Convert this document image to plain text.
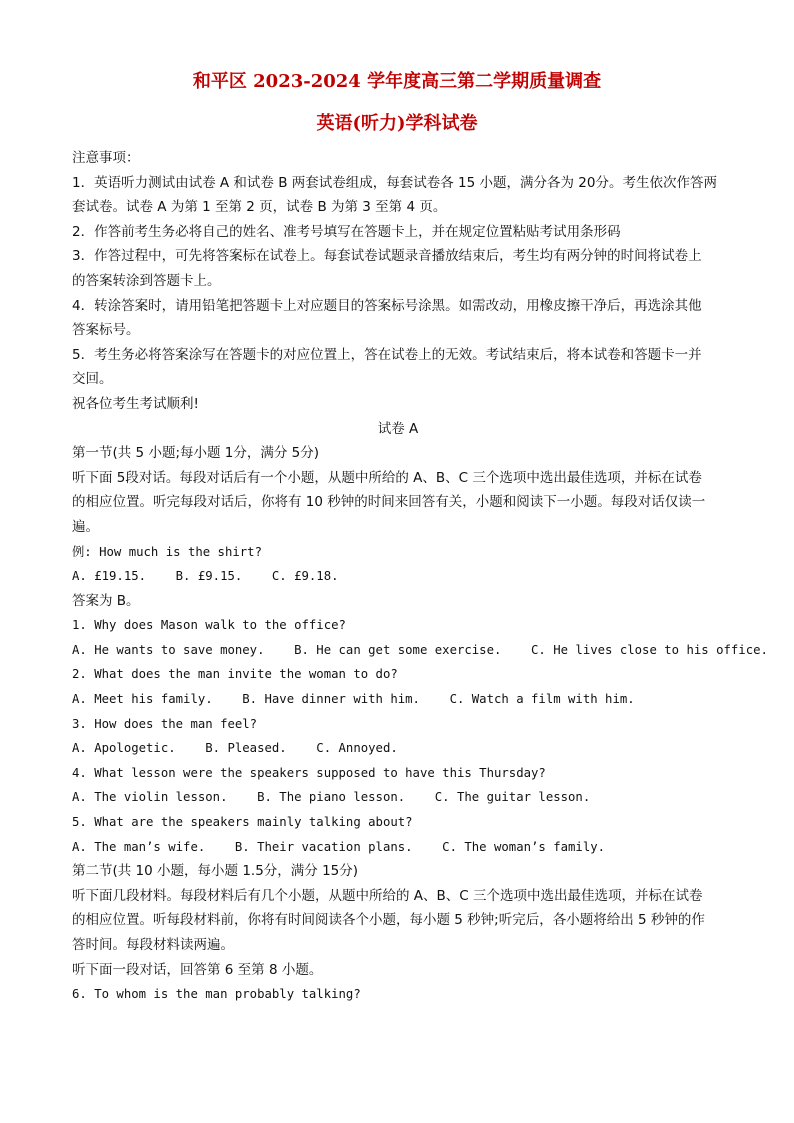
和平区 2023-2024 学年度高三第二学期质量调查
英语(听力)学科试卷
注意事项：
1．英语听力测试由试卷 A 和试卷 B 两套试卷组成，每套试卷各 15 小题，满分各为 20分。考生依次作答两
套试卷。试卷 A 为第 1 至第 2 页，试卷 B 为第 3 至第 4 页。
2．作答前考生务必将自己的姓名、准考号填写在答题卡上，并在规定位置粘贴考试用条形码
3．作答过程中，可先将答案标在试卷上。每套试卷试题录音播放结束后，考生均有两分钟的时间将试卷上
的答案转涂到答题卡上。
4．转涂答案时，请用铅笔把答题卡上对应题目的答案标号涂黑。如需改动，用橡皮擦干净后，再选涂其他
答案标号。
5．考生务必将答案涂写在答题卡的对应位置上，答在试卷上的无效。考试结束后，将本试卷和答题卡一并
交回。
祝各位考生考试顺利!
试卷 A
第一节(共 5 小题;每小题 1分，满分 5分)
听下面 5段对话。每段对话后有一个小题，从题中所给的 A、B、C 三个选项中选出最佳选项，并标在试卷
的相应位置。听完每段对话后，你将有 10 秒钟的时间来回答有关，小题和阅读下一小题。每段对话仅读一
遍。
例: How much is the shirt?
A. £19.15.    B. £9.15.    C. £9.18.
答案为 B。
1. Why does Mason walk to the office?
A. He wants to save money.    B. He can get some exercise.    C. He lives close to his office.
2. What does the man invite the woman to do?
A. Meet his family.    B. Have dinner with him.    C. Watch a film with him.
3. How does the man feel?
A. Apologetic.    B. Pleased.    C. Annoyed.
4. What lesson were the speakers supposed to have this Thursday?
A. The violin lesson.    B. The piano lesson.    C. The guitar lesson.
5. What are the speakers mainly talking about?
A. The man’s wife.    B. Their vacation plans.    C. The woman’s family.
第二节(共 10 小题，每小题 1.5分，满分 15分)
听下面几段材料。每段材料后有几个小题，从题中所给的 A、B、C 三个选项中选出最佳选项，并标在试卷
的相应位置。听每段材料前，你将有时间阅读各个小题，每小题 5 秒钟;听完后，各小题将给出 5 秒钟的作
答时间。每段材料读两遍。
听下面一段对话，回答第 6 至第 8 小题。
6. To whom is the man probably talking?
